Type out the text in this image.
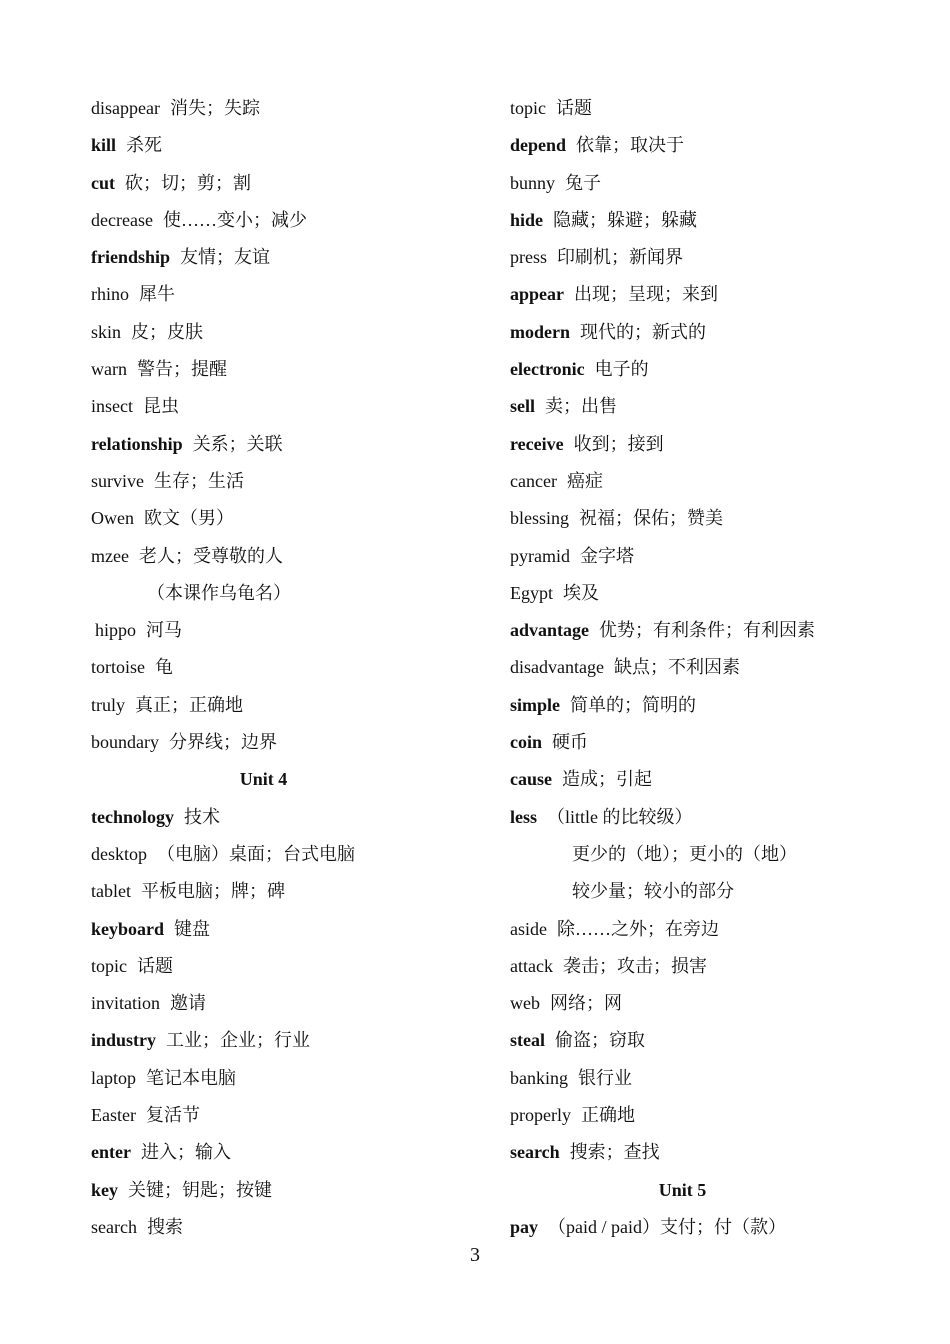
disappear 消失；失踪
kill 杀死
cut 砍；切；剪；割
decrease 使……变小；减少
friendship 友情；友谊
rhino 犀牛
skin 皮；皮肤
warn 警告；提醒
insect 昆虫
relationship 关系；关联
survive 生存；生活
Owen 欧文（男）
mzee 老人；受尊敬的人
（本课作乌龟名）
hippo 河马
tortoise 龟
truly 真正；正确地
boundary 分界线；边界
Unit 4
technology 技术
desktop （电脑）桌面；台式电脑
tablet 平板电脑；牌；碑
keyboard 键盘
topic 话题
invitation 邀请
industry 工业；企业；行业
laptop 笔记本电脑
Easter 复活节
enter 进入；输入
key 关键；钥匙；按键
search 搜索
topic 话题
depend 依靠；取决于
bunny 兔子
hide 隐藏；躲避；躲藏
press 印刷机；新闻界
appear 出现；呈现；来到
modern 现代的；新式的
electronic 电子的
sell 卖；出售
receive 收到；接到
cancer 癌症
blessing 祝福；保佑；赞美
pyramid 金字塔
Egypt 埃及
advantage 优势；有利条件；有利因素
disadvantage 缺点；不利因素
simple 简单的；简明的
coin 硬币
cause 造成；引起
less （little 的比较级）
更少的（地）；更小的（地）
较少量；较小的部分
aside 除……之外；在旁边
attack 袭击；攻击；损害
web 网络；网
steal 偷盗；窃取
banking 银行业
properly 正确地
search 搜索；查找
Unit 5
pay （paid / paid）支付；付（款）
3
